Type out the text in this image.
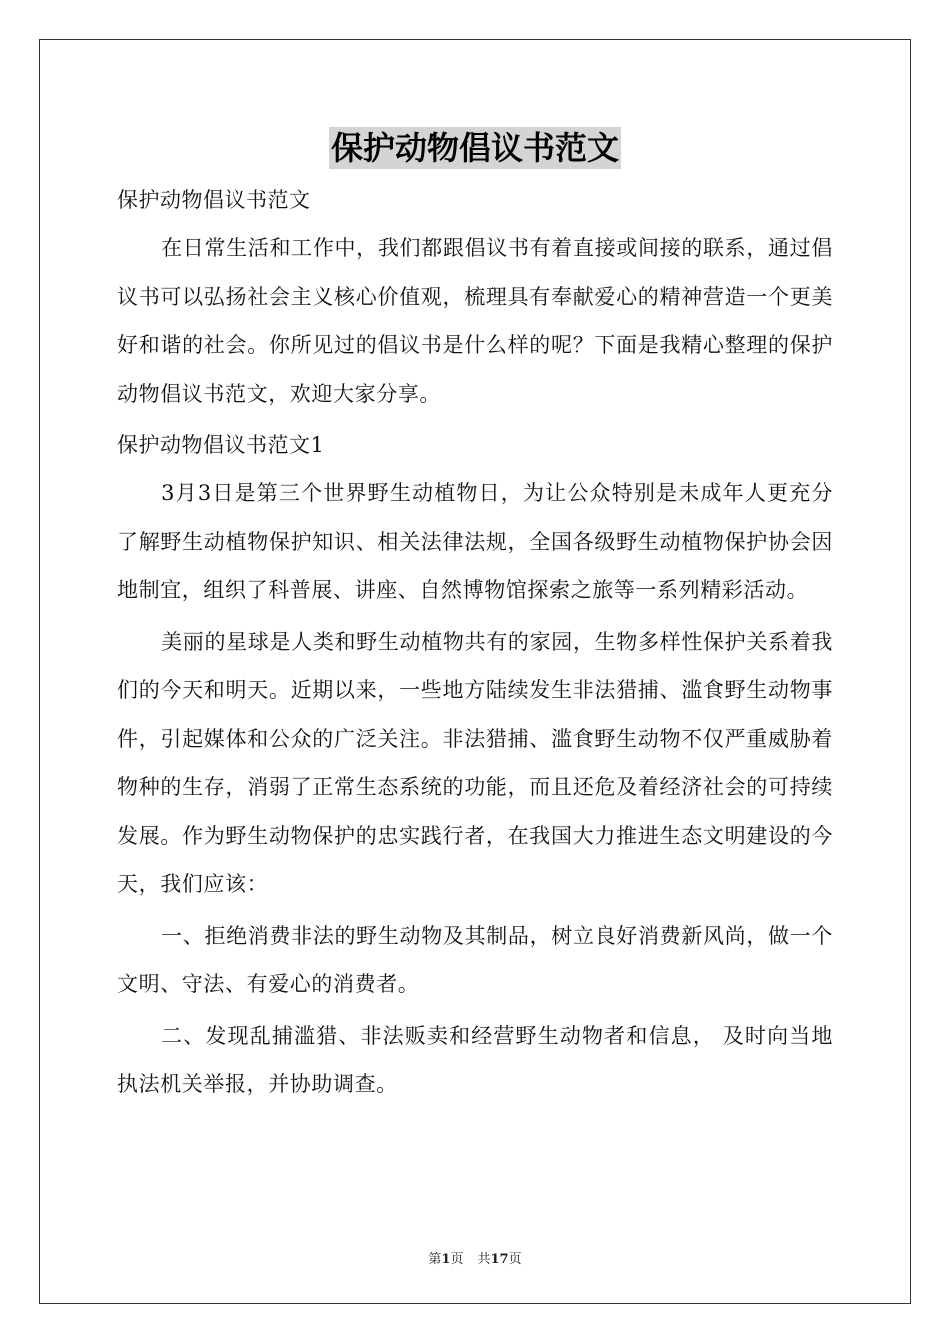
保护动物倡议书范文
保护动物倡议书范文

在日常生活和工作中，我们都跟倡议书有着直接或间接的联系，通过倡议书可以弘扬社会主义核心价值观，梳理具有奉献爱心的精神营造一个更美好和谐的社会。你所见过的倡议书是什么样的呢？下面是我精心整理的保护动物倡议书范文，欢迎大家分享。

保护动物倡议书范文1

3月3日是第三个世界野生动植物日，为让公众特别是未成年人更充分了解野生动植物保护知识、相关法律法规，全国各级野生动植物保护协会因地制宜，组织了科普展、讲座、自然博物馆探索之旅等一系列精彩活动。

美丽的星球是人类和野生动植物共有的家园，生物多样性保护关系着我们的今天和明天。近期以来，一些地方陆续发生非法猎捕、滥食野生动物事件，引起媒体和公众的广泛关注。非法猎捕、滥食野生动物不仅严重威胁着物种的生存，消弱了正常生态系统的功能，而且还危及着经济社会的可持续发展。作为野生动物保护的忠实践行者，在我国大力推进生态文明建设的今天，我们应该：

一、拒绝消费非法的野生动物及其制品，树立良好消费新风尚，做一个文明、守法、有爱心的消费者。

二、发现乱捕滥猎、非法贩卖和经营野生动物者和信息， 及时向当地执法机关举报，并协助调查。

第1页 共17页
